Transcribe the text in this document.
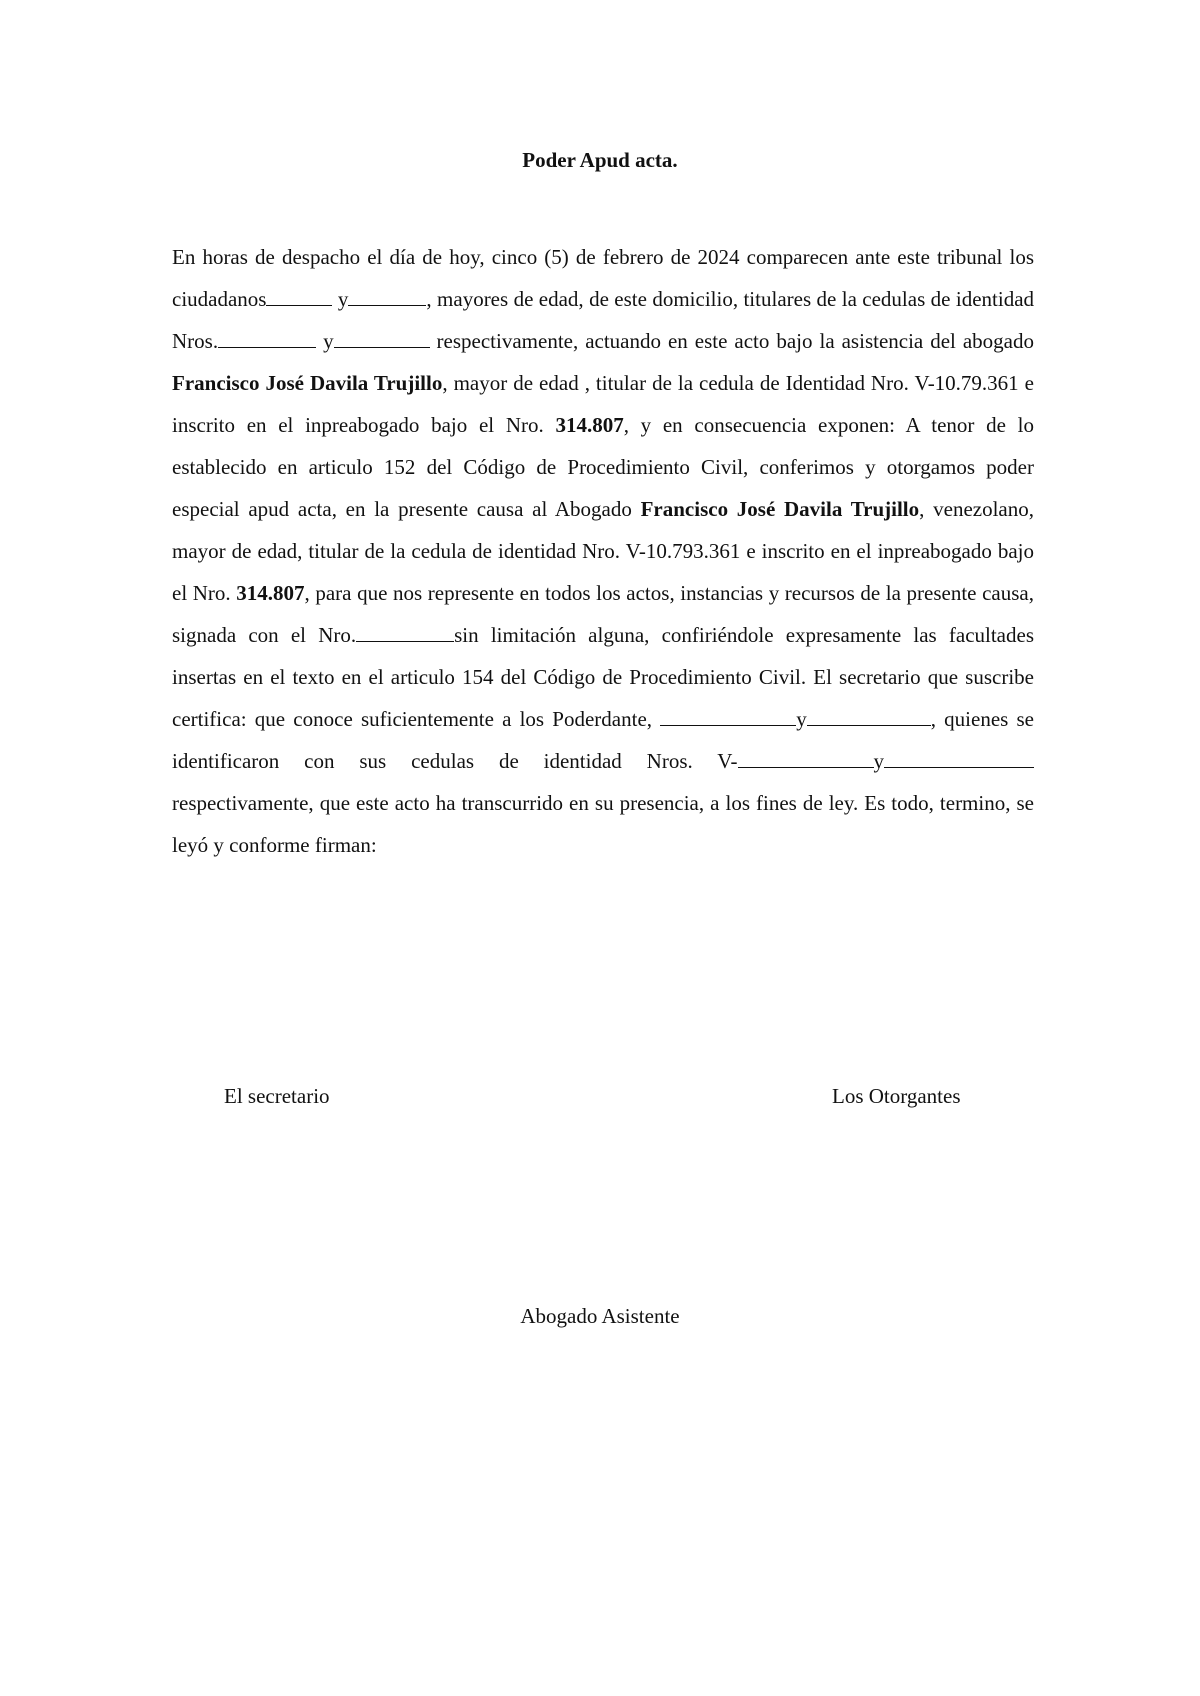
Poder Apud acta.

En horas de despacho el día de hoy, cinco (5) de febrero de 2024 comparecen ante este tribunal los ciudadanos	y	, mayores de edad, de este domicilio, titulares de la cedulas de identidad Nros.	y	respectivamente, actuando en este acto bajo la asistencia del abogado Francisco José Davila Trujillo, mayor de edad , titular de la cedula de Identidad Nro. V-10.79.361 e inscrito en el inpreabogado bajo el Nro. 314.807, y en consecuencia exponen: A tenor de lo establecido en articulo 152 del Código de Procedimiento Civil, conferimos y otorgamos poder especial apud acta, en la presente causa al Abogado Francisco José Davila Trujillo, venezolano, mayor de edad, titular de la cedula de identidad Nro. V-10.793.361 e inscrito en el inpreabogado bajo el Nro. 314.807, para que nos represente en todos los actos, instancias y recursos de la presente causa, signada con el Nro.	sin limitación alguna, confiriéndole expresamente las facultades insertas en el texto en el articulo 154 del Código de Procedimiento Civil. El secretario que suscribe certifica: que conoce suficientemente a los Poderdante,	y	, quienes se identificaron con sus cedulas de identidad Nros. V-	y respectivamente, que este acto ha transcurrido en su presencia, a los fines de ley. Es todo, termino, se leyó y conforme firman:

El secretario	Los Otorgantes

Abogado Asistente
